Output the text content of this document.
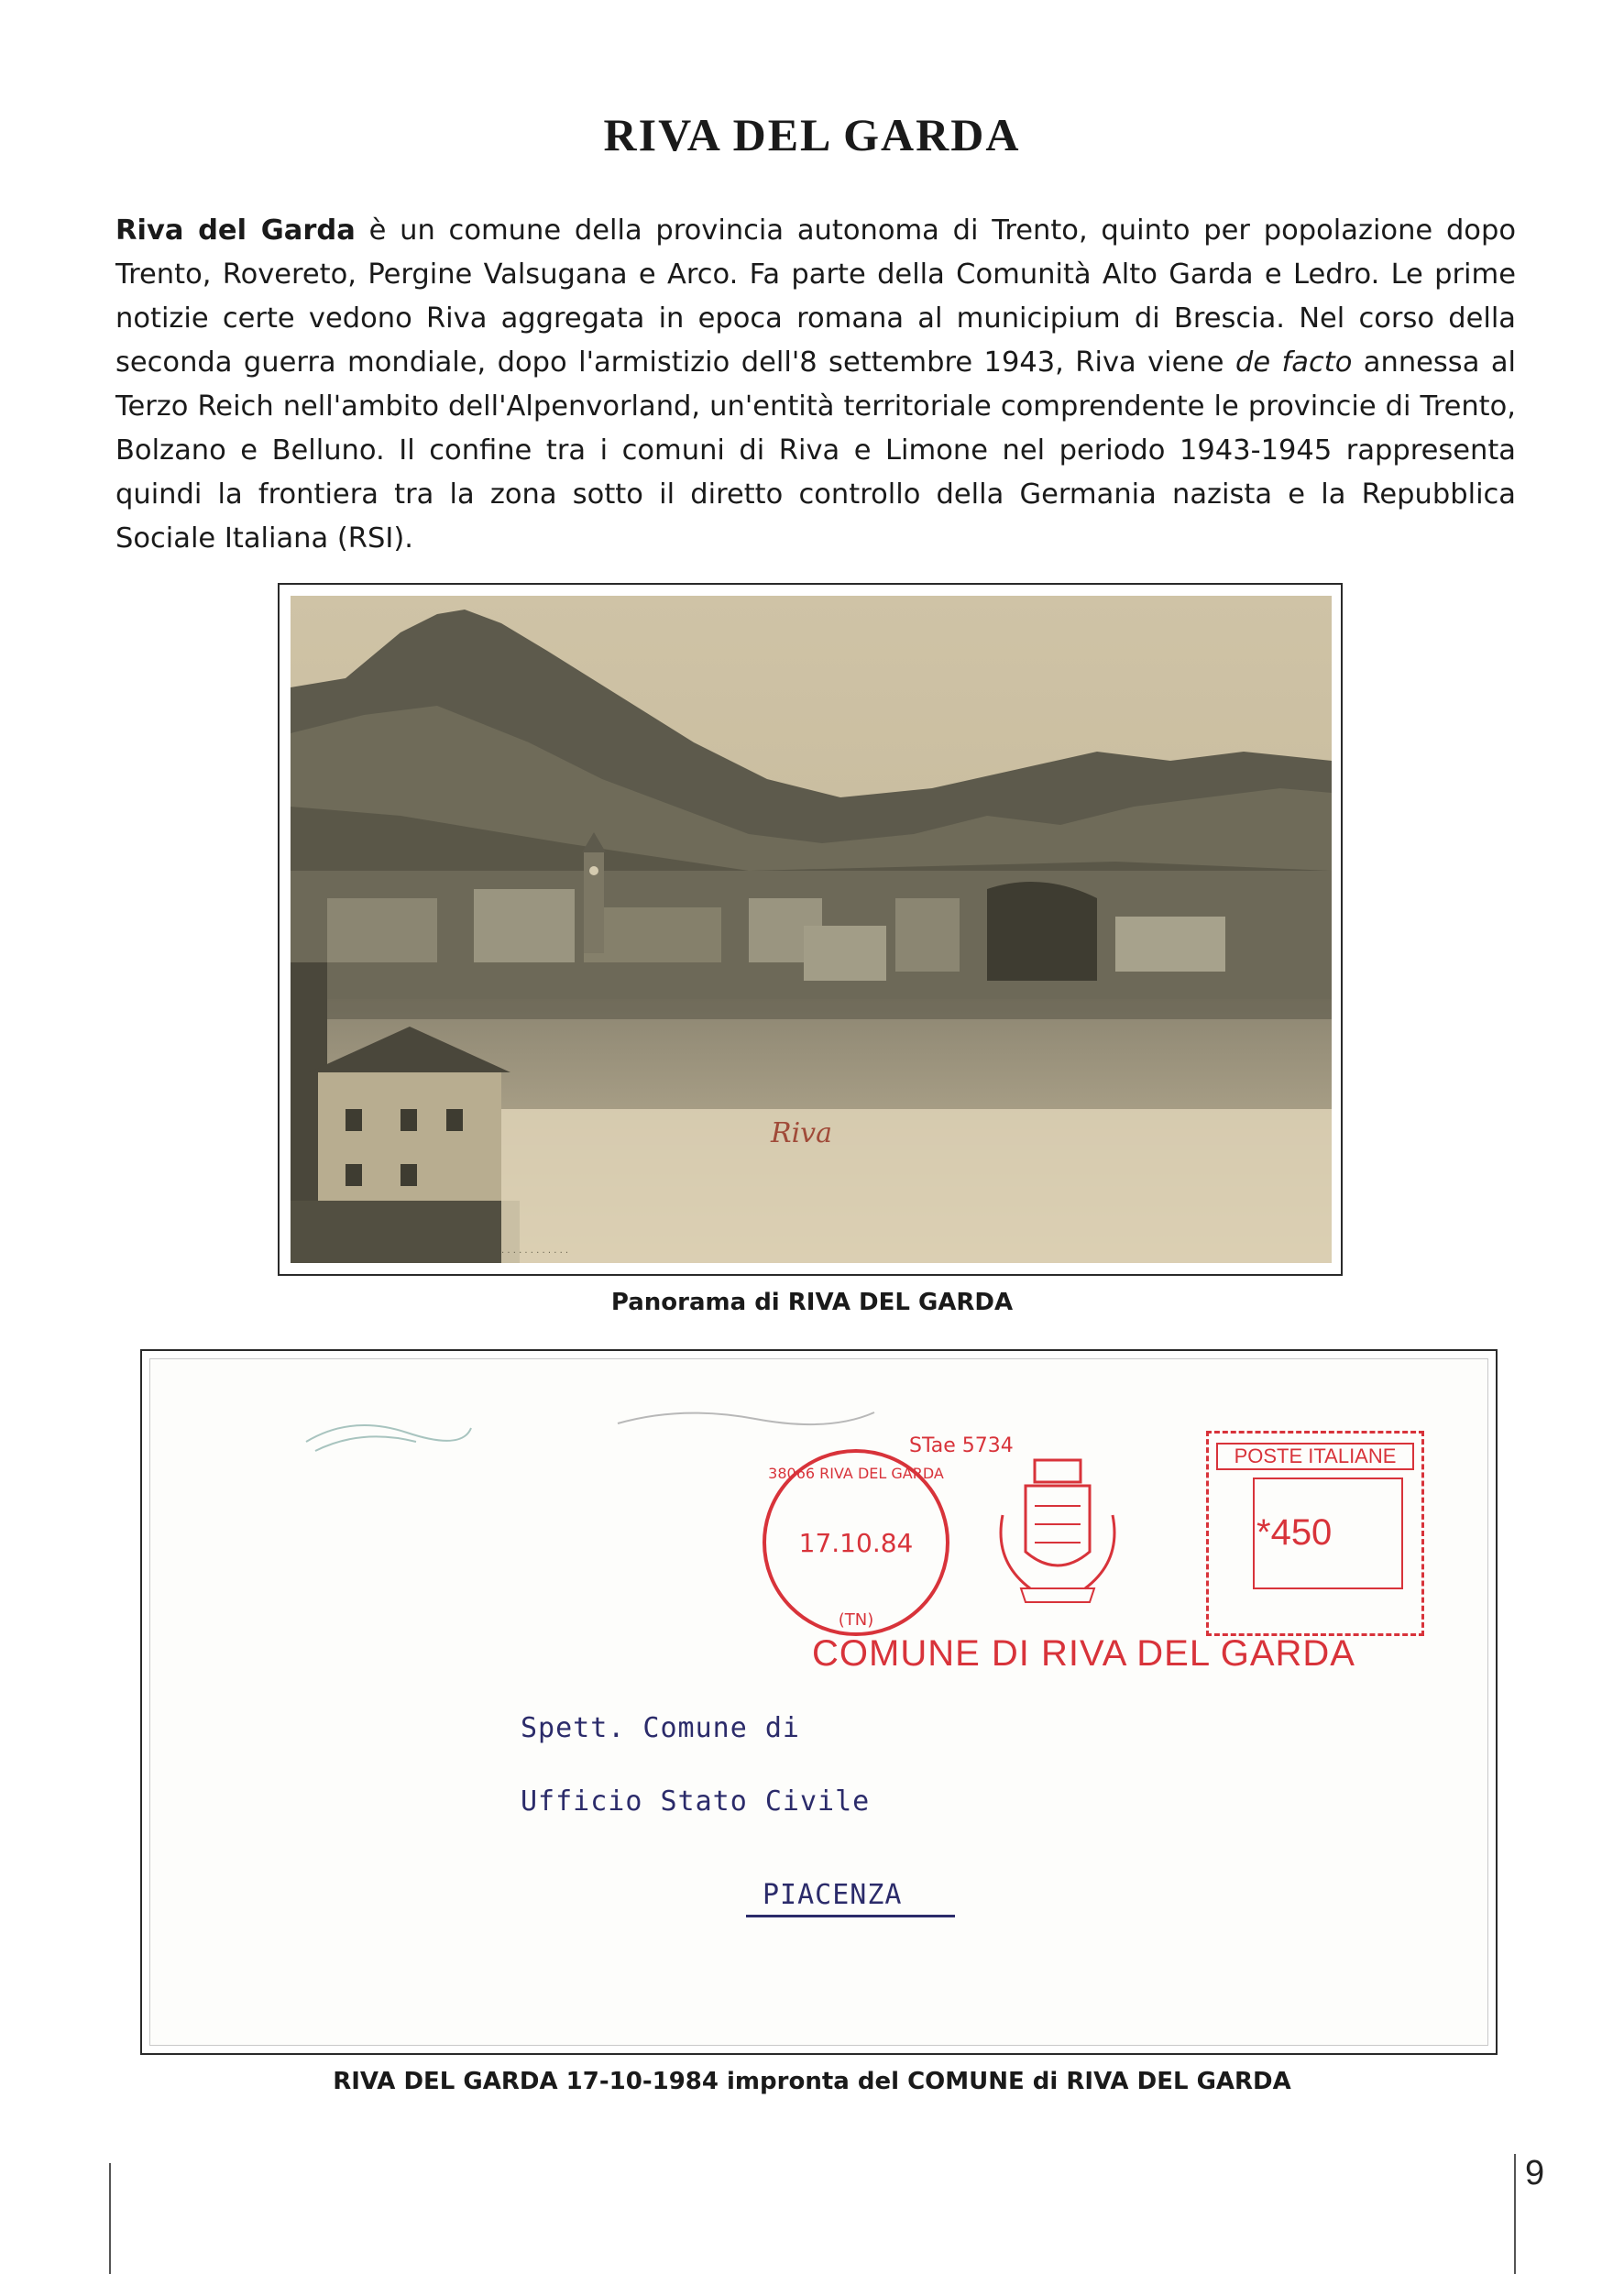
RIVA DEL GARDA
Riva del Garda è un comune della provincia autonoma di Trento, quinto per popolazione dopo Trento, Rovereto, Pergine Valsugana e Arco. Fa parte della Comunità Alto Garda e Ledro. Le prime notizie certe vedono Riva aggregata in epoca romana al municipium di Brescia. Nel corso della seconda guerra mondiale, dopo l'armistizio dell'8 settembre 1943, Riva viene de facto annessa al Terzo Reich nell'ambito dell'Alpenvorland, un'entità territoriale comprendente le provincie di Trento, Bolzano e Belluno. Il confine tra i comuni di Riva e Limone nel periodo 1943-1945 rappresenta quindi la frontiera tra la zona sotto il diretto controllo della Germania nazista e la Repubblica Sociale Italiana (RSI).
Riva
· · · · · · · · · · · ·
Panorama di RIVA DEL GARDA
17.10.84
(TN)
38066 RIVA DEL GARDA
STae 5734	POSTE ITALIANE
*450
COMUNE DI RIVA DEL GARDA
Spett. Comune di
Ufficio Stato Civile
PIACENZA
RIVA DEL GARDA 17-10-1984 impronta del COMUNE di RIVA DEL GARDA
9
